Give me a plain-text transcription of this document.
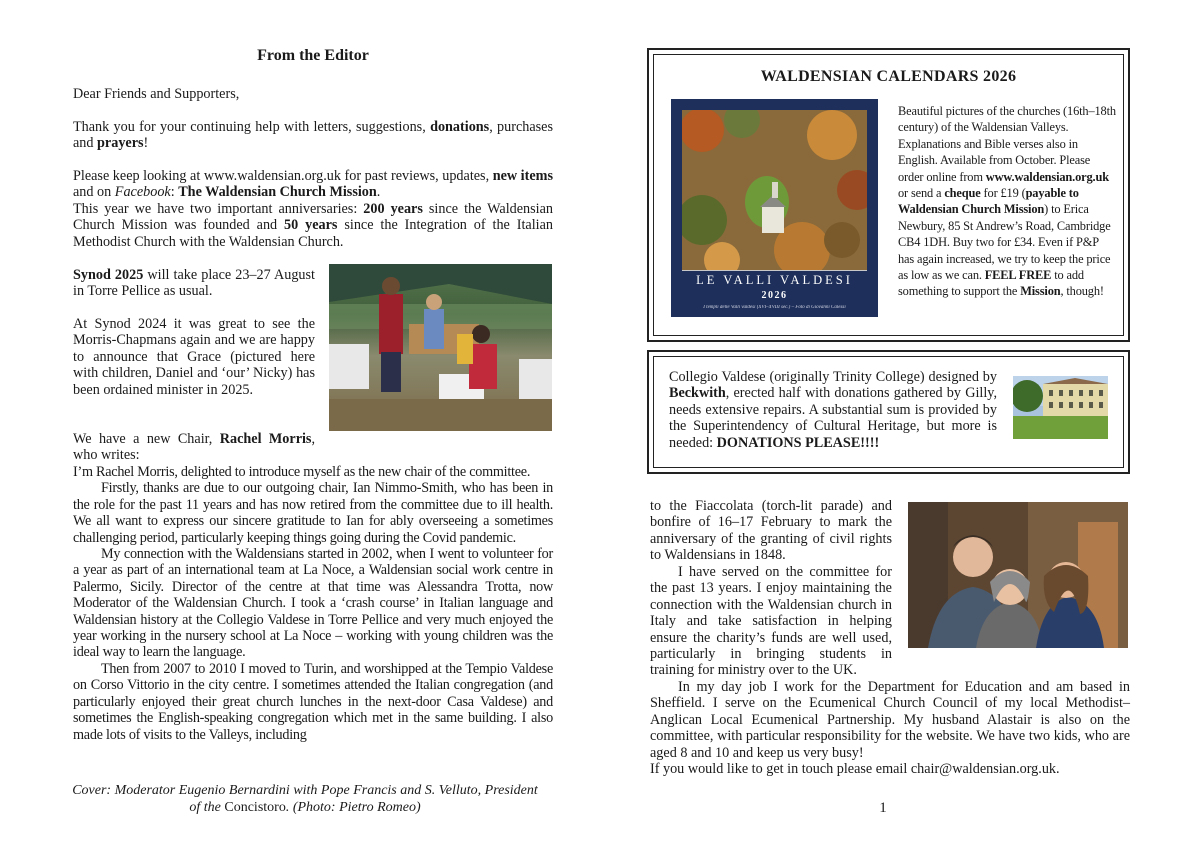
From the Editor
Dear Friends and Supporters,
Thank you for your continuing help with letters, suggestions, donations, purchases and prayers!
Please keep looking at www.waldensian.org.uk for past reviews, updates, new items and on Facebook: The Waldensian Church Mission.
This year we have two important anniversaries: 200 years since the Waldensian Church Mission was founded and 50 years since the Integration of the Italian Methodist Church with the Waldensian Church.
Synod 2025 will take place 23–27 August in Torre Pellice as usual.
At Synod 2024 it was great to see the Morris-Chapmans again and we are happy to announce that Grace (pictured here with children, Daniel and ‘our’ Nicky) has been ordained minister in 2025.
We have a new Chair, Rachel Morris, who writes:

I’m Rachel Morris, delighted to introduce myself as the new chair of the committee.

Firstly, thanks are due to our outgoing chair, Ian Nimmo-Smith, who has been in the role for the past 11 years and has now retired from the committee due to ill health. We all want to express our sincere gratitude to Ian for ably overseeing a sometimes challenging period, particularly keeping things going during the Covid pandemic.

My connection with the Waldensians started in 2002, when I went to volunteer for a year as part of an international team at La Noce, a Waldensian social work centre in Palermo, Sicily. Director of the centre at that time was Alessandra Trotta, now Moderator of the Waldensian Church. I took a ‘crash course’ in Italian language and Waldensian history at the Collegio Valdese in Torre Pellice and very much enjoyed the year working in the nursery school at La Noce – working with young children was the ideal way to learn the language.

Then from 2007 to 2010 I moved to Turin, and worshipped at the Tempio Valdese on Corso Vittorio in the city centre. I sometimes attended the Italian congregation (and particularly enjoyed their great church lunches in the next-door Casa Valdese) and sometimes the English-speaking congregation which met in the same building. I also made lots of visits to the Valleys, including

Cover: Moderator Eugenio Bernardini with Pope Francis and S. Velluto, President
of the Concistoro. (Photo: Pietro Romeo)
WALDENSIAN CALENDARS 2026
LE VALLI VALDESI
2026
I templi delle Valli valdesi (XVI–XVIII sec.) – Foto di Giovanni Calessi
Beautiful pictures of the churches (16th–18th century) of the Waldensian Valleys. Explanations and Bible verses also in English. Available from October. Please order online from www.waldensian.org.uk or send a cheque for £19 (payable to Waldensian Church Mission) to Erica Newbury, 85 St Andrew’s Road, Cambridge CB4 1DH. Buy two for £34. Even if P&P has again increased, we try to keep the price as low as we can. FEEL FREE to add something to support the Mission, though!
Collegio Valdese (originally Trinity College) designed by Beckwith, erected half with donations gathered by Gilly, needs extensive repairs. A substantial sum is provided by the Superintendency of Cultural Heritage, but more is needed: DONATIONS PLEASE!!!!
to the Fiaccolata (torch-lit parade) and bonfire of 16–17 February to mark the anniversary of the granting of civil rights to Waldensians in 1848.
I have served on the committee for the past 13 years. I enjoy maintaining the connection with the Waldensian church in Italy and take satisfaction in helping ensure the charity’s funds are well used, particularly in bringing students in training for ministry over to the UK.
In my day job I work for the Department for Education and am based in Sheffield. I serve on the Ecumenical Church Council of my local Methodist–Anglican Local Ecumenical Partnership. My husband Alastair is also on the committee, with particular responsibility for the website. We have two kids, who are aged 8 and 10 and keep us very busy!
If you would like to get in touch please email chair@waldensian.org.uk.
1
